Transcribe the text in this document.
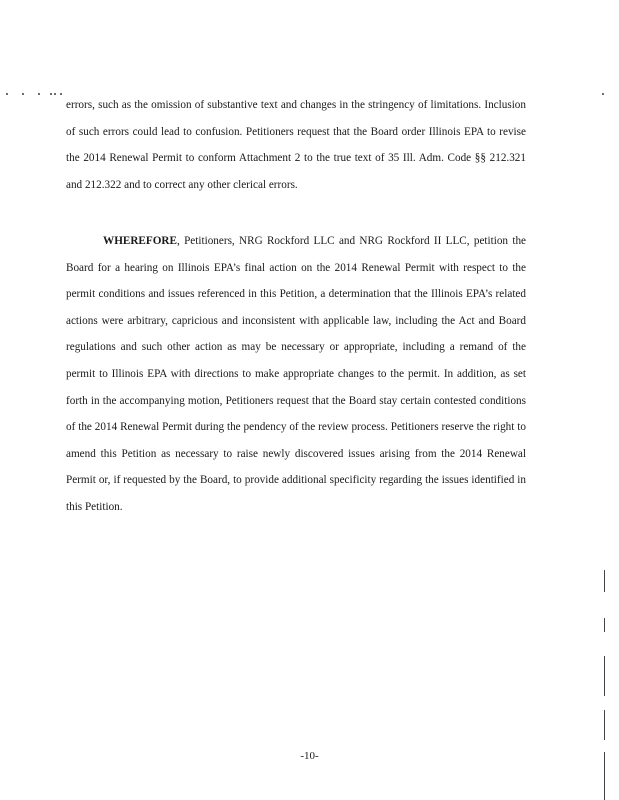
errors, such as the omission of substantive text and changes in the stringency of limitations. Inclusion of such errors could lead to confusion. Petitioners request that the Board order Illinois EPA to revise the 2014 Renewal Permit to conform Attachment 2 to the true text of 35 Ill. Adm. Code §§ 212.321 and 212.322 and to correct any other clerical errors.

WHEREFORE, Petitioners, NRG Rockford LLC and NRG Rockford II LLC, petition the Board for a hearing on Illinois EPA’s final action on the 2014 Renewal Permit with respect to the permit conditions and issues referenced in this Petition, a determination that the Illinois EPA’s related actions were arbitrary, capricious and inconsistent with applicable law, including the Act and Board regulations and such other action as may be necessary or appropriate, including a remand of the permit to Illinois EPA with directions to make appropriate changes to the permit. In addition, as set forth in the accompanying motion, Petitioners request that the Board stay certain contested conditions of the 2014 Renewal Permit during the pendency of the review process. Petitioners reserve the right to amend this Petition as necessary to raise newly discovered issues arising from the 2014 Renewal Permit or, if requested by the Board, to provide additional specificity regarding the issues identified in this Petition.

-10-
